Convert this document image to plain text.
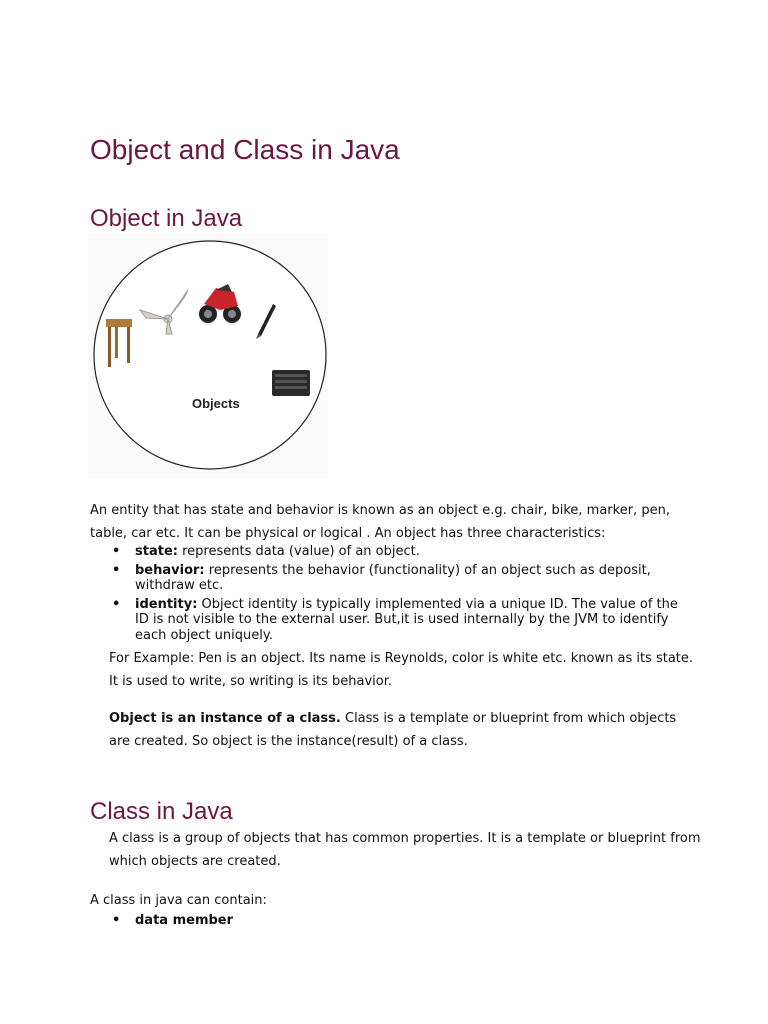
Object and Class in Java
Object in Java
Objects

An entity that has state and behavior is known as an object e.g. chair, bike, marker, pen,
table, car etc. It can be physical or logical . An object has three characteristics:

• state: represents data (value) of an object.
• behavior: represents the behavior (functionality) of an object such as deposit, withdraw etc.
• identity: Object identity is typically implemented via a unique ID. The value of the ID is not visible to the external user. But,it is used internally by the JVM to identify each object uniquely.

For Example: Pen is an object. Its name is Reynolds, color is white etc. known as its state.
It is used to write, so writing is its behavior.

Object is an instance of a class. Class is a template or blueprint from which objects
are created. So object is the instance(result) of a class.

Class in Java

A class is a group of objects that has common properties. It is a template or blueprint from
which objects are created.

A class in java can contain:

• data member
